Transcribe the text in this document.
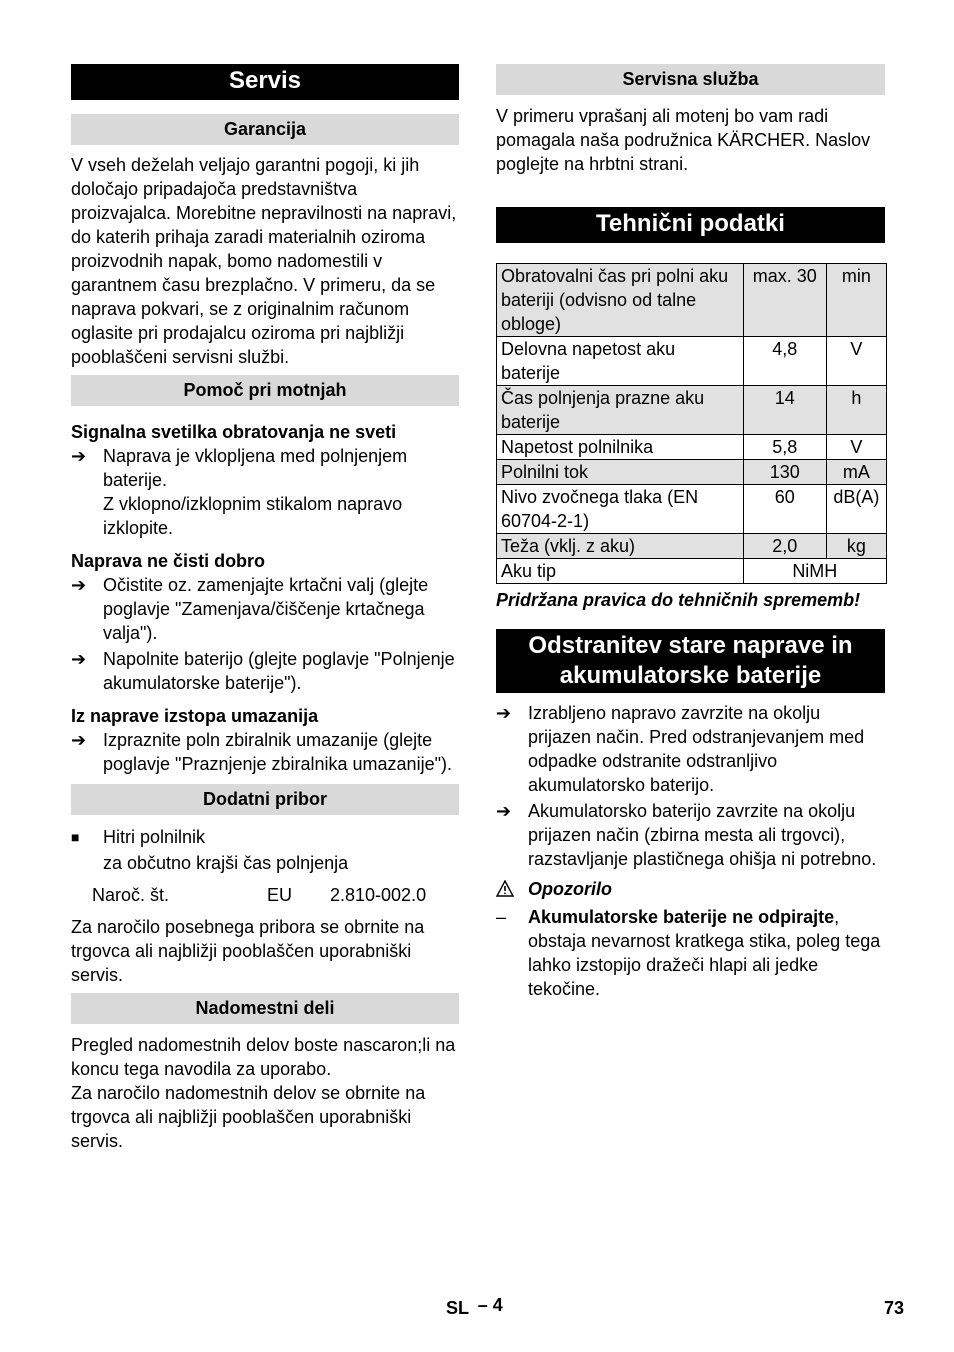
Servis
Garancija

V vseh deželah veljajo garantni pogoji, ki jih določajo pripadajoča predstavništva proizvajalca. Morebitne nepravilnosti na napravi, do katerih prihaja zaradi materialnih oziroma proizvodnih napak, bomo nadomestili v garantnem času brezplačno. V primeru, da se naprava pokvari, se z originalnim računom oglasite pri prodajalcu oziroma pri najbližji pooblaščeni servisni službi.

Pomoč pri motnjah

Signalna svetilka obratovanja ne sveti

➔ Naprava je vklopljena med polnjenjem baterije.

Z vklopno/izklopnim stikalom napravo izklopite.

Naprava ne čisti dobro

➔ Očistite oz. zamenjajte krtačni valj (glejte poglavje "Zamenjava/čiščenje krtačnega valja").
➔ Napolnite baterijo (glejte poglavje "Polnjenje akumulatorske baterije").

Iz naprave izstopa umazanija

➔ Izpraznite poln zbiralnik umazanije (glejte poglavje "Praznjenje zbiralnika umazanije").
Dodatni pribor
■	Hitri polnilnik

za občutno krajši čas polnjenja

Naroč. št.	EU 2.810-002.0

Za naročilo posebnega pribora se obrnite na trgovca ali najbližji pooblaščen uporabniški servis.

Nadomestni deli

Pregled nadomestnih delov boste nascaron;li na koncu tega navodila za uporabo.

Za naročilo nadomestnih delov se obrnite na trgovca ali najbližji pooblaščen uporabniški servis.

Servisna služba

V primeru vprašanj ali motenj bo vam radi pomagala naša podružnica KÄRCHER. Naslov poglejte na hrbtni strani.

Tehnični podatki
Obratovalni čas pri polni aku bateriji (odvisno od talne obloge)	max. 30	min
Delovna napetost aku baterije	4,8	V
Čas polnjenja prazne aku baterije	14	h
Napetost polnilnika	5,8	V
Polnilni tok	130	mA
Nivo zvočnega tlaka (EN 60704-2-1)	60	dB(A)
Teža (vklj. z aku)	2,0	kg
Aku tip	NiMH	

Pridržana pravica do tehničnih sprememb!

Odstranitev stare naprave in akumulatorske baterije
➔ Izrabljeno napravo zavrzite na okolju prijazen način. Pred odstranjevanjem med odpadke odstranite odstranljivo akumulatorsko baterijo.
➔ Akumulatorsko baterijo zavrzite na okolju prijazen način (zbirna mesta ali trgovci), razstavljanje plastičnega ohišja ni potrebno.
Opozorilo
–	Akumulatorske baterije ne odpirajte, obstaja nevarnost kratkega stika, poleg tega lahko izstopijo dražeči hlapi ali jedke tekočine.
SL – 4	73
